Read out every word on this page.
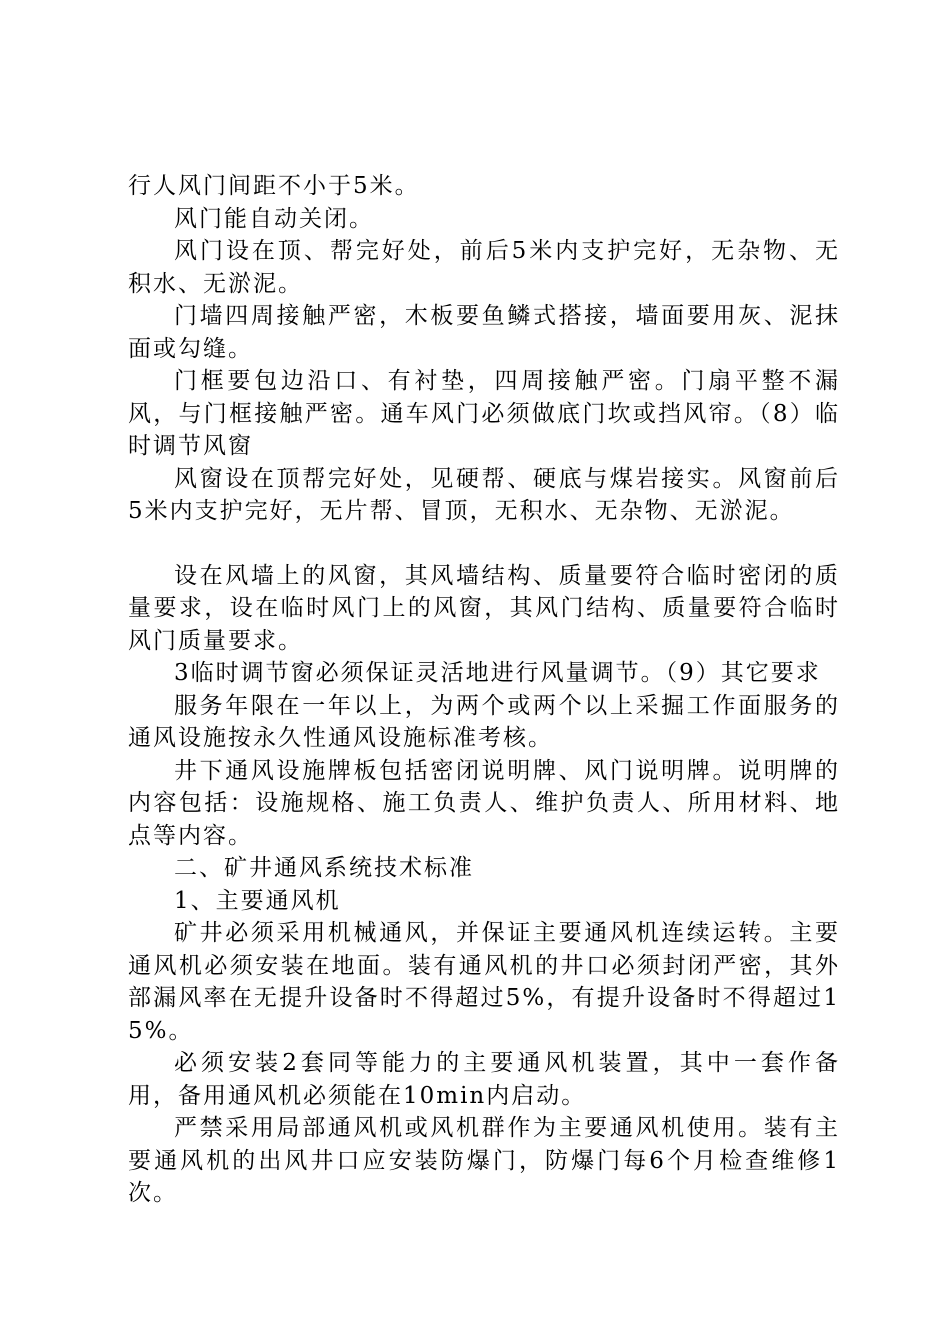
行人风门间距不小于5米。

风门能自动关闭。

风门设在顶、帮完好处，前后5米内支护完好，无杂物、无积水、无淤泥。

门墙四周接触严密，木板要鱼鳞式搭接，墙面要用灰、泥抹面或勾缝。

门框要包边沿口、有衬垫，四周接触严密。门扇平整不漏风，与门框接触严密。通车风门必须做底门坎或挡风帘。（8）临时调节风窗

风窗设在顶帮完好处，见硬帮、硬底与煤岩接实。风窗前后5米内支护完好，无片帮、冒顶，无积水、无杂物、无淤泥。

设在风墙上的风窗，其风墙结构、质量要符合临时密闭的质量要求，设在临时风门上的风窗，其风门结构、质量要符合临时风门质量要求。

3临时调节窗必须保证灵活地进行风量调节。（9）其它要求

服务年限在一年以上，为两个或两个以上采掘工作面服务的通风设施按永久性通风设施标准考核。

井下通风设施牌板包括密闭说明牌、风门说明牌。说明牌的内容包括：设施规格、施工负责人、维护负责人、所用材料、地点等内容。

二、矿井通风系统技术标准

1、主要通风机

矿井必须采用机械通风，并保证主要通风机连续运转。主要通风机必须安装在地面。装有通风机的井口必须封闭严密，其外部漏风率在无提升设备时不得超过5%，有提升设备时不得超过15%。

必须安装2套同等能力的主要通风机装置，其中一套作备用，备用通风机必须能在10min内启动。

严禁采用局部通风机或风机群作为主要通风机使用。装有主要通风机的出风井口应安装防爆门，防爆门每6个月检查维修1次。
